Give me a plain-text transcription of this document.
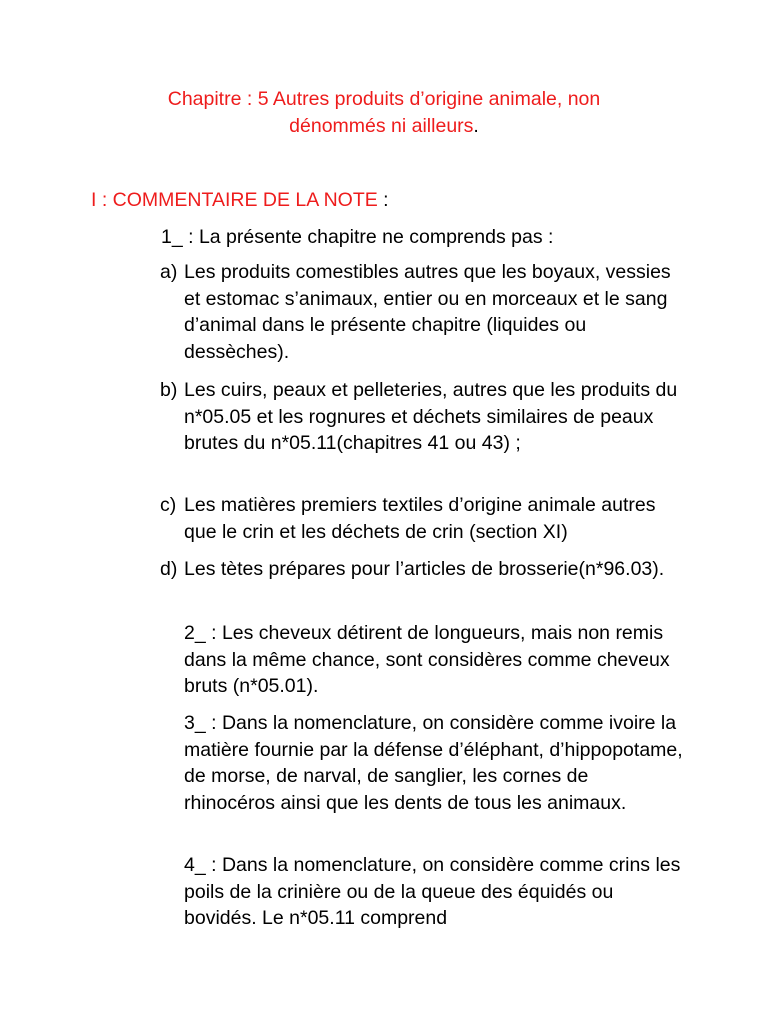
Chapitre : 5 Autres produits d’origine animale, non
dénommés ni ailleurs.
I : COMMENTAIRE DE LA NOTE :
1_ : La présente chapitre ne comprends pas :
a) Les produits comestibles autres que les boyaux, vessies et estomac s’animaux, entier ou en morceaux et le sang d’animal dans le présente chapitre (liquides ou dessèches).
b) Les cuirs, peaux et pelleteries, autres que les produits du n*05.05 et les rognures et déchets similaires de peaux brutes du n*05.11(chapitres 41 ou 43) ;
c) Les matières premiers textiles d’origine animale autres que le crin et les déchets de crin (section XI)
d) Les tètes prépares pour l’articles de brosserie(n*96.03).
2_ : Les cheveux détirent de longueurs, mais non remis dans la même chance, sont considères comme cheveux bruts (n*05.01).
3_ : Dans la nomenclature, on considère comme ivoire la matière fournie par la défense d’éléphant, d’hippopotame, de morse, de narval, de sanglier, les cornes de rhinocéros ainsi que les dents de tous les animaux.
4_ : Dans la nomenclature, on considère comme crins les poils de la crinière ou de la queue des équidés ou bovidés. Le n*05.11 comprend
